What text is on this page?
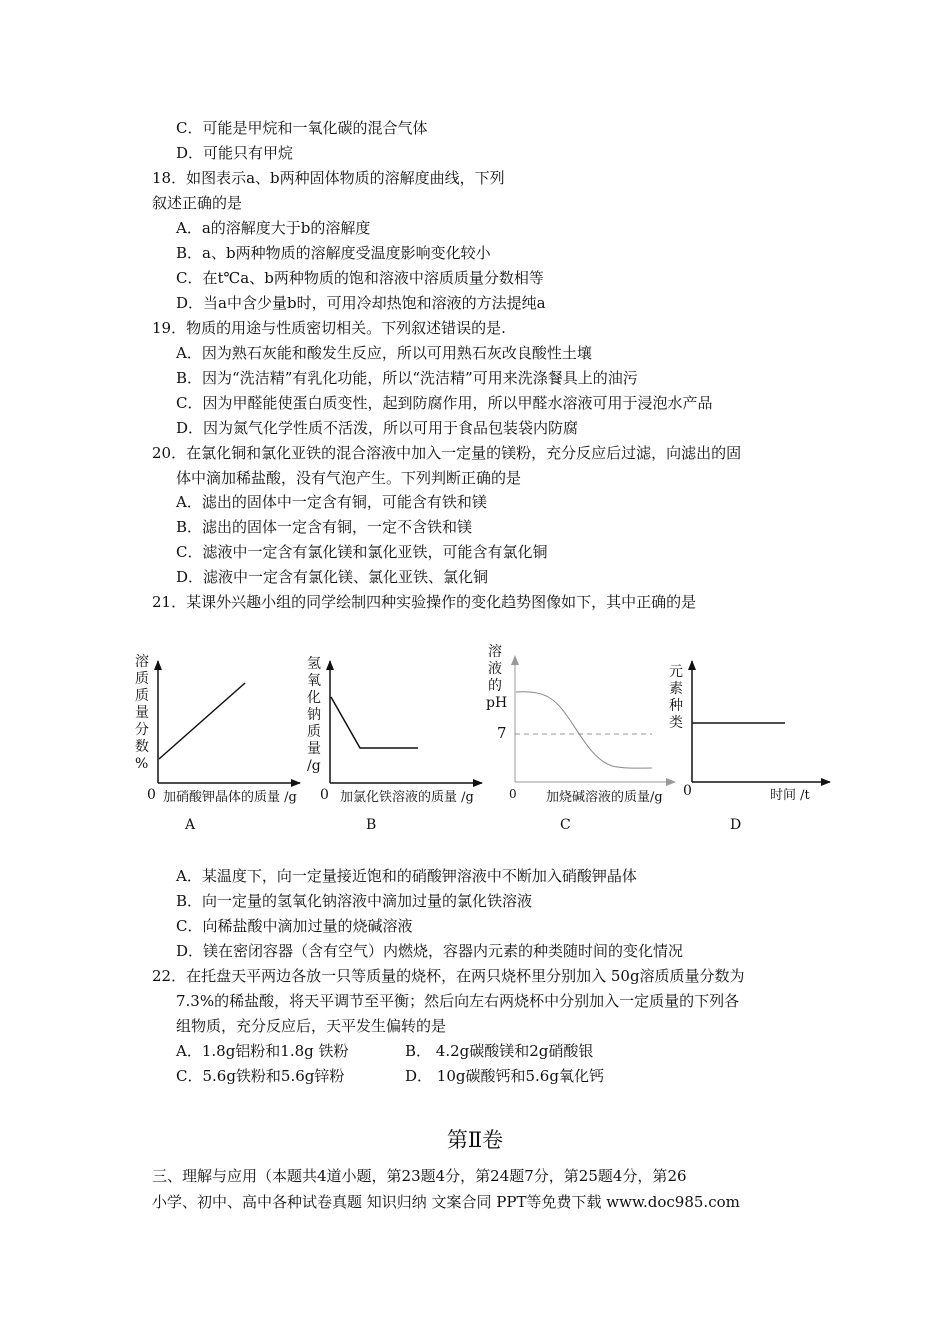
C．可能是甲烷和一氧化碳的混合气体
D．可能只有甲烷
18．如图表示a、b两种固体物质的溶解度曲线，下列
叙述正确的是
A．a的溶解度大于b的溶解度
B．a、b两种物质的溶解度受温度影响变化较小
C．在t℃a、b两种物质的饱和溶液中溶质质量分数相等
D．当a中含少量b时，可用冷却热饱和溶液的方法提纯a
19．物质的用途与性质密切相关。下列叙述错误的是.
A．因为熟石灰能和酸发生反应，所以可用熟石灰改良酸性土壤
B．因为“洗洁精”有乳化功能，所以“洗洁精”可用来洗涤餐具上的油污
C．因为甲醛能使蛋白质变性，起到防腐作用，所以甲醛水溶液可用于浸泡水产品
D．因为氮气化学性质不活泼，所以可用于食品包装袋内防腐
20．在氯化铜和氯化亚铁的混合溶液中加入一定量的镁粉，充分反应后过滤，向滤出的固
体中滴加稀盐酸，没有气泡产生。下列判断正确的是
A．滤出的固体中一定含有铜，可能含有铁和镁
B．滤出的固体一定含有铜，一定不含铁和镁
C．滤液中一定含有氯化镁和氯化亚铁，可能含有氯化铜
D．滤液中一定含有氯化镁、氯化亚铁、氯化铜
21．某课外兴趣小组的同学绘制四种实验操作的变化趋势图像如下，其中正确的是
溶
质
质
量
分
数
%
0 加硝酸钾晶体的质量 /g
A
氢
氧
化
钠
质
量
/g
0 加氯化铁溶液的质量 /g
B
溶
液
的
pH
7
0 加烧碱溶液的质量/g
C
元
素
种
类
0	时间 /t
D
A．某温度下，向一定量接近饱和的硝酸钾溶液中不断加入硝酸钾晶体
B．向一定量的氢氧化钠溶液中滴加过量的氯化铁溶液
C．向稀盐酸中滴加过量的烧碱溶液
D．镁在密闭容器（含有空气）内燃烧，容器内元素的种类随时间的变化情况
22．在托盘天平两边各放一只等质量的烧杯，在两只烧杯里分别加入 50g溶质质量分数为
7.3%的稀盐酸，将天平调节至平衡；然后向左右两烧杯中分别加入一定质量的下列各
组物质，充分反应后，天平发生偏转的是
A．1.8g铝粉和1.8g 铁粉	B． 4.2g碳酸镁和2g硝酸银
C．5.6g铁粉和5.6g锌粉	D． 10g碳酸钙和5.6g氧化钙
第Ⅱ卷
三、理解与应用（本题共4道小题，第23题4分，第24题7分，第25题4分，第26
小学、初中、高中各种试卷真题 知识归纳 文案合同 PPT等免费下载 www.doc985.com
